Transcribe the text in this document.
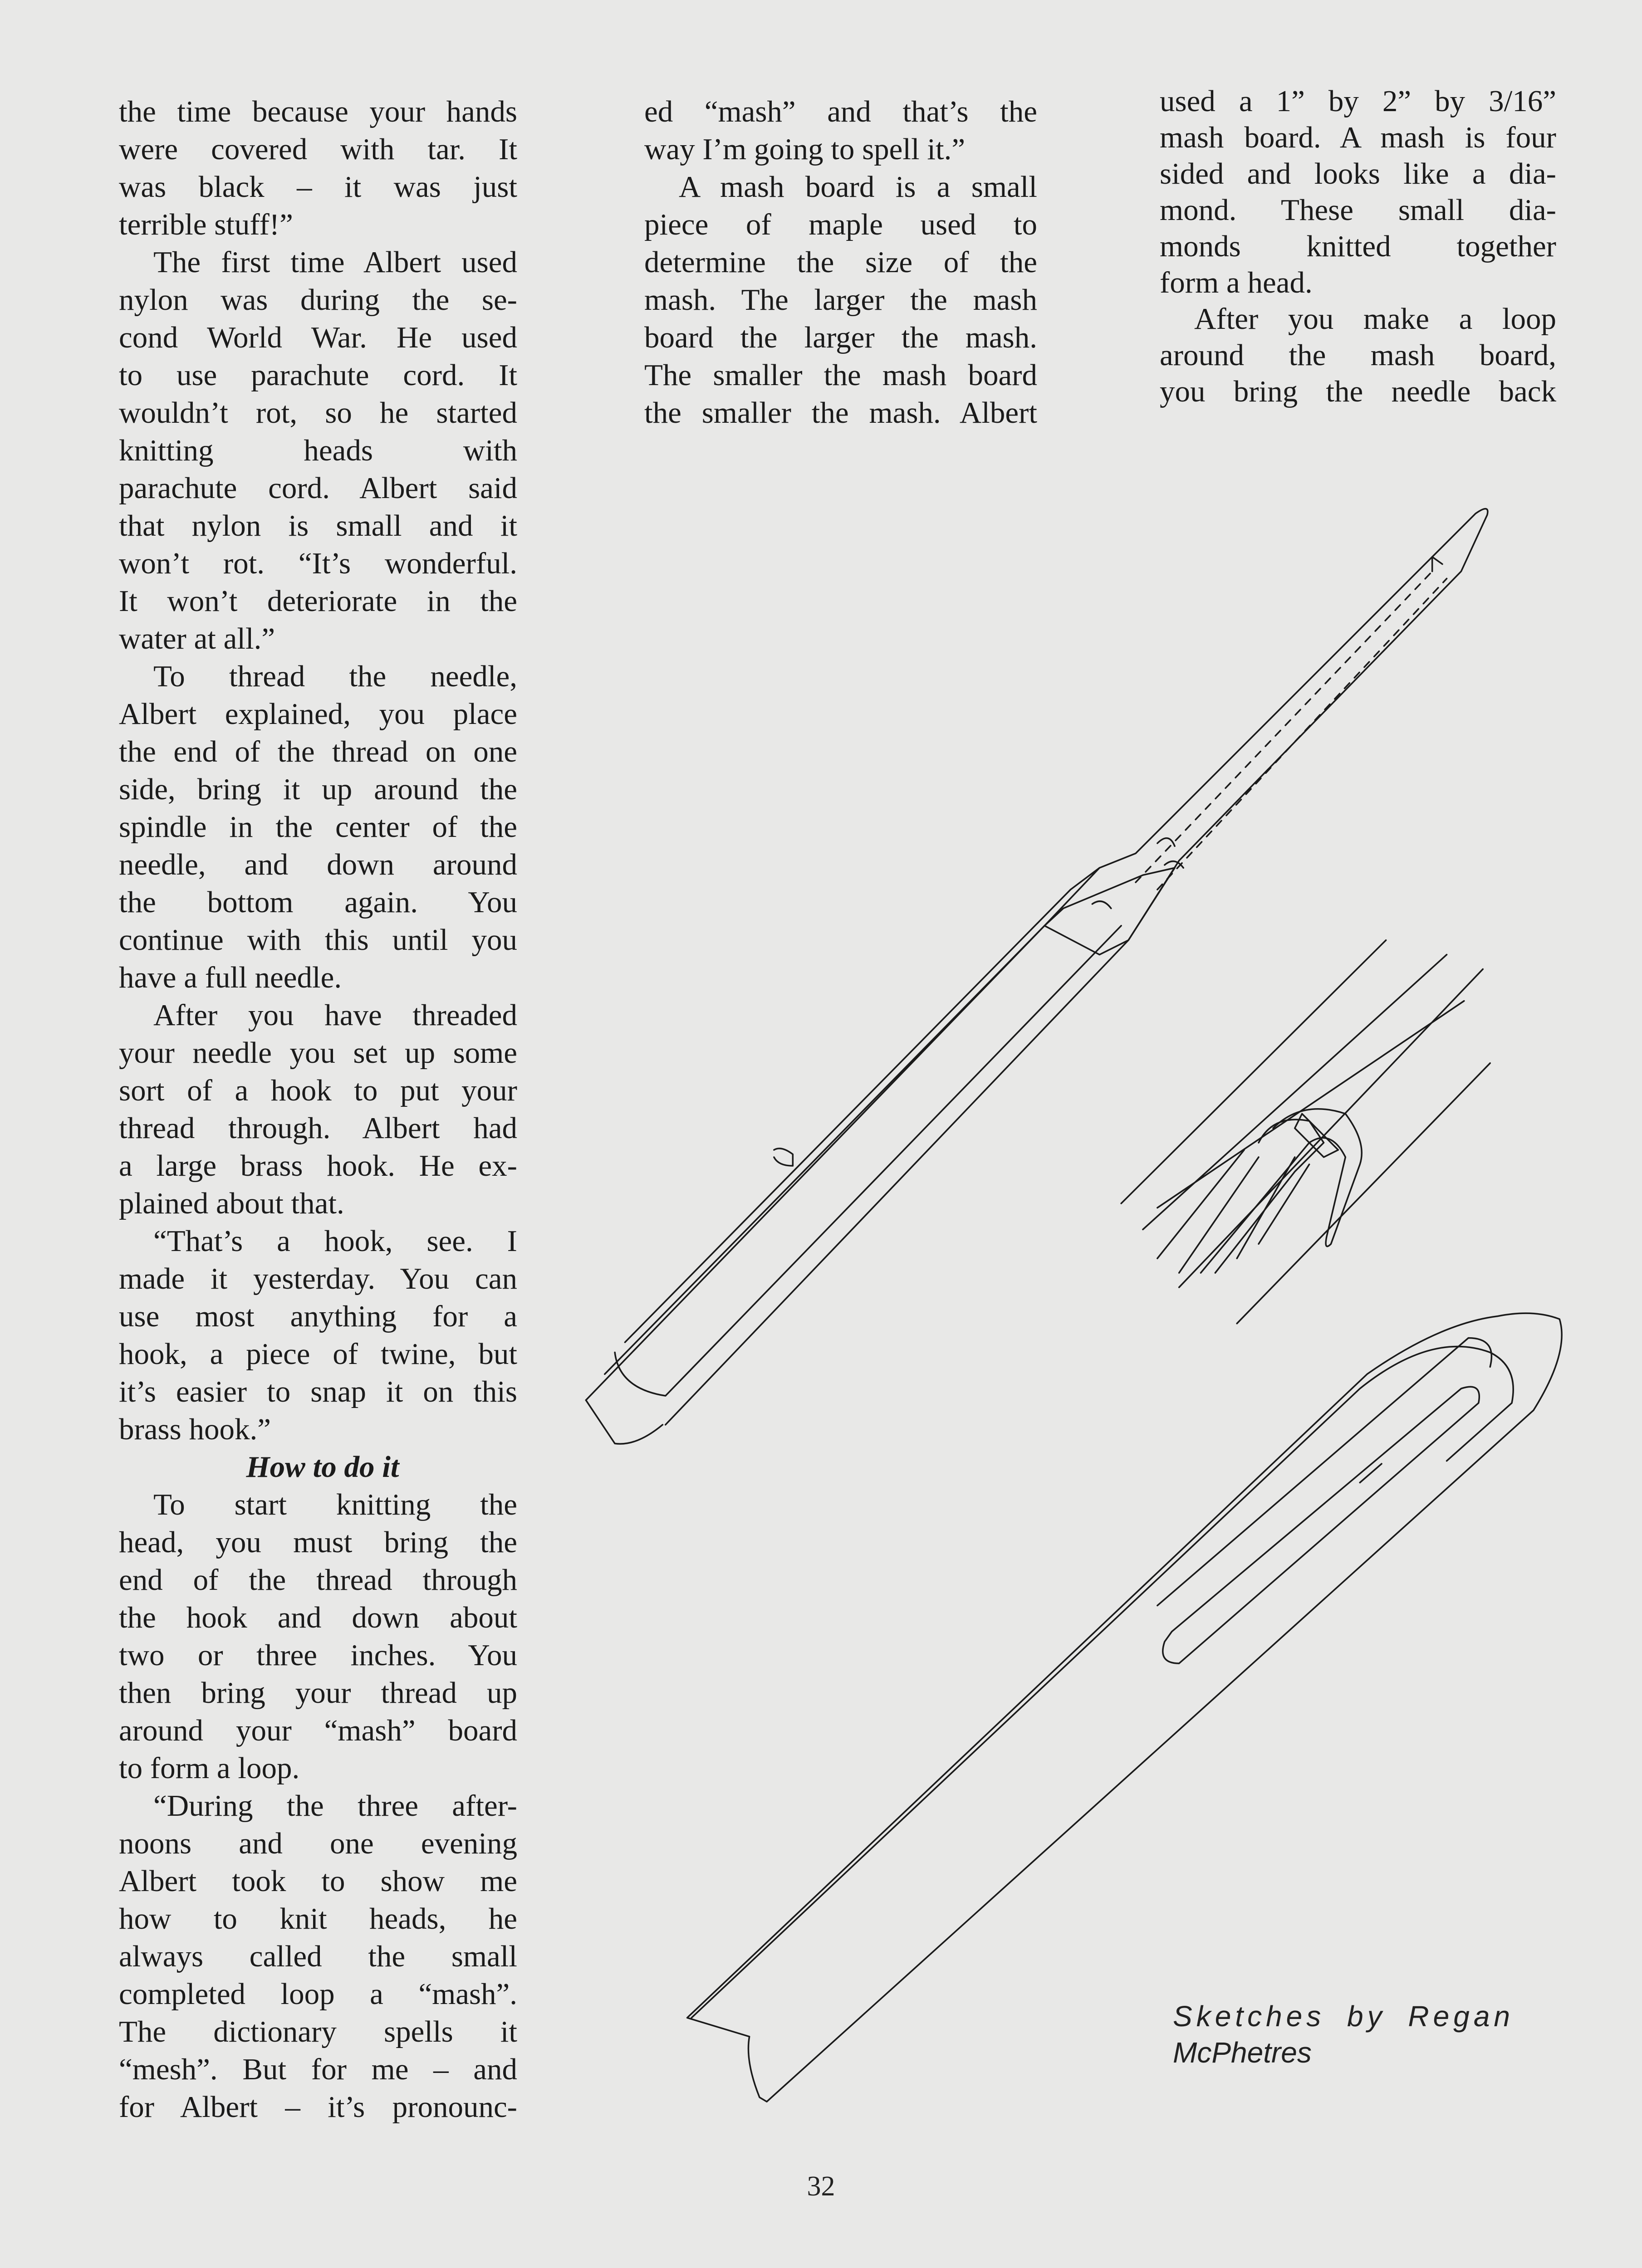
the time because your hands
were covered with tar. It
was black – it was just
terrible stuff!”
The first time Albert used
nylon was during the se-
cond World War. He used
to use parachute cord. It
wouldn’t rot, so he started
knitting heads with
parachute cord. Albert said
that nylon is small and it
won’t rot. “It’s wonderful.
It won’t deteriorate in the
water at all.”
To thread the needle,
Albert explained, you place
the end of the thread on one
side, bring it up around the
spindle in the center of the
needle, and down around
the bottom again. You
continue with this until you
have a full needle.
After you have threaded
your needle you set up some
sort of a hook to put your
thread through. Albert had
a large brass hook. He ex-
plained about that.
“That’s a hook, see. I
made it yesterday. You can
use most anything for a
hook, a piece of twine, but
it’s easier to snap it on this
brass hook.”
How to do it
To start knitting the
head, you must bring the
end of the thread through
the hook and down about
two or three inches. You
then bring your thread up
around your “mash” board
to form a loop.
“During the three after-
noons and one evening
Albert took to show me
how to knit heads, he
always called the small
completed loop a “mash”.
The dictionary spells it
“mesh”. But for me – and
for Albert – it’s pronounc-
ed “mash” and that’s the
way I’m going to spell it.”
A mash board is a small
piece of maple used to
determine the size of the
mash. The larger the mash
board the larger the mash.
The smaller the mash board
the smaller the mash. Albert
used a 1” by 2” by 3/16”
mash board. A mash is four
sided and looks like a dia-
mond. These small dia-
monds knitted together
form a head.
After you make a loop
around the mash board,
you bring the needle back
Sketches by Regan
McPhetres
32
